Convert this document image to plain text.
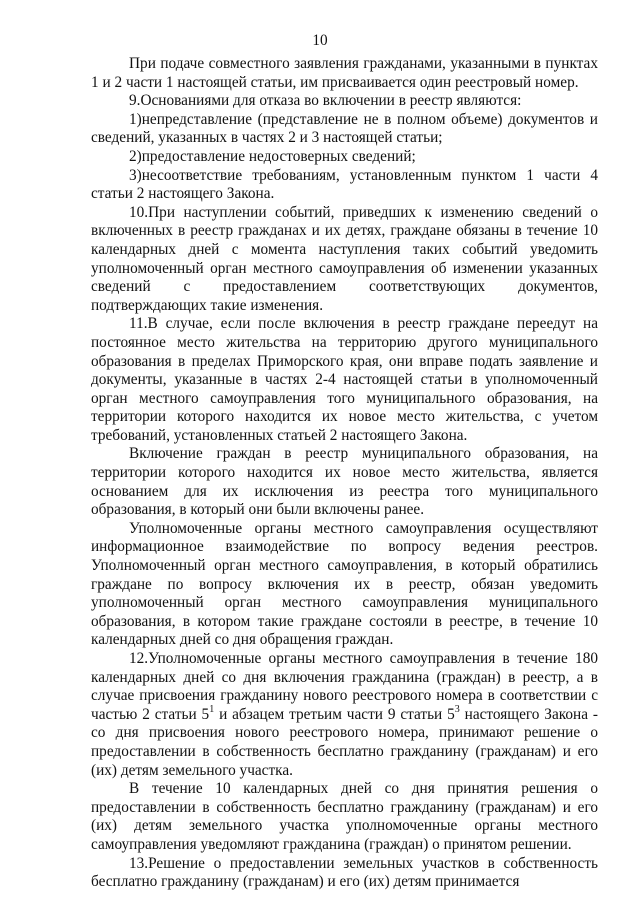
10

При подаче совместного заявления гражданами, указанными в пунктах 1 и 2 части 1 настоящей статьи, им присваивается один реестровый номер.

9.Основаниями для отказа во включении в реестр являются:

1)непредставление (представление не в полном объеме) документов и сведений, указанных в частях 2 и 3 настоящей статьи;

2)предоставление недостоверных сведений;

3)несоответствие требованиям, установленным пунктом 1 части 4 статьи 2 настоящего Закона.

10.При наступлении событий, приведших к изменению сведений о включенных в реестр гражданах и их детях, граждане обязаны в течение 10 календарных дней с момента наступления таких событий уведомить уполномоченный орган местного самоуправления об изменении указанных сведений с предоставлением соответствующих документов, подтверждающих такие изменения.

11.В случае, если после включения в реестр граждане переедут на постоянное место жительства на территорию другого муниципального образования в пределах Приморского края, они вправе подать заявление и документы, указанные в частях 2-4 настоящей статьи в уполномоченный орган местного самоуправления того муниципального образования, на территории которого находится их новое место жительства, с учетом требований, установленных статьей 2 настоящего Закона.

Включение граждан в реестр муниципального образования, на территории которого находится их новое место жительства, является основанием для их исключения из реестра того муниципального образования, в который они были включены ранее.

Уполномоченные органы местного самоуправления осуществляют информационное взаимодействие по вопросу ведения реестров. Уполномоченный орган местного самоуправления, в который обратились граждане по вопросу включения их в реестр, обязан уведомить уполномоченный орган местного самоуправления муниципального образования, в котором такие граждане состояли в реестре, в течение 10 календарных дней со дня обращения граждан.

12.Уполномоченные органы местного самоуправления в течение 180 календарных дней со дня включения гражданина (граждан) в реестр, а в случае присвоения гражданину нового реестрового номера в соответствии с частью 2 статьи $5^1$ и абзацем третьим части 9 статьи $5^3$ настоящего Закона - со дня присвоения нового реестрового номера, принимают решение о предоставлении в собственность бесплатно гражданину (гражданам) и его (их) детям земельного участка.

В течение 10 календарных дней со дня принятия решения о предоставлении в собственность бесплатно гражданину (гражданам) и его (их) детям земельного участка уполномоченные органы местного самоуправления уведомляют гражданина (граждан) о принятом решении.

13.Решение о предоставлении земельных участков в собственность бесплатно гражданину (гражданам) и его (их) детям принимается
